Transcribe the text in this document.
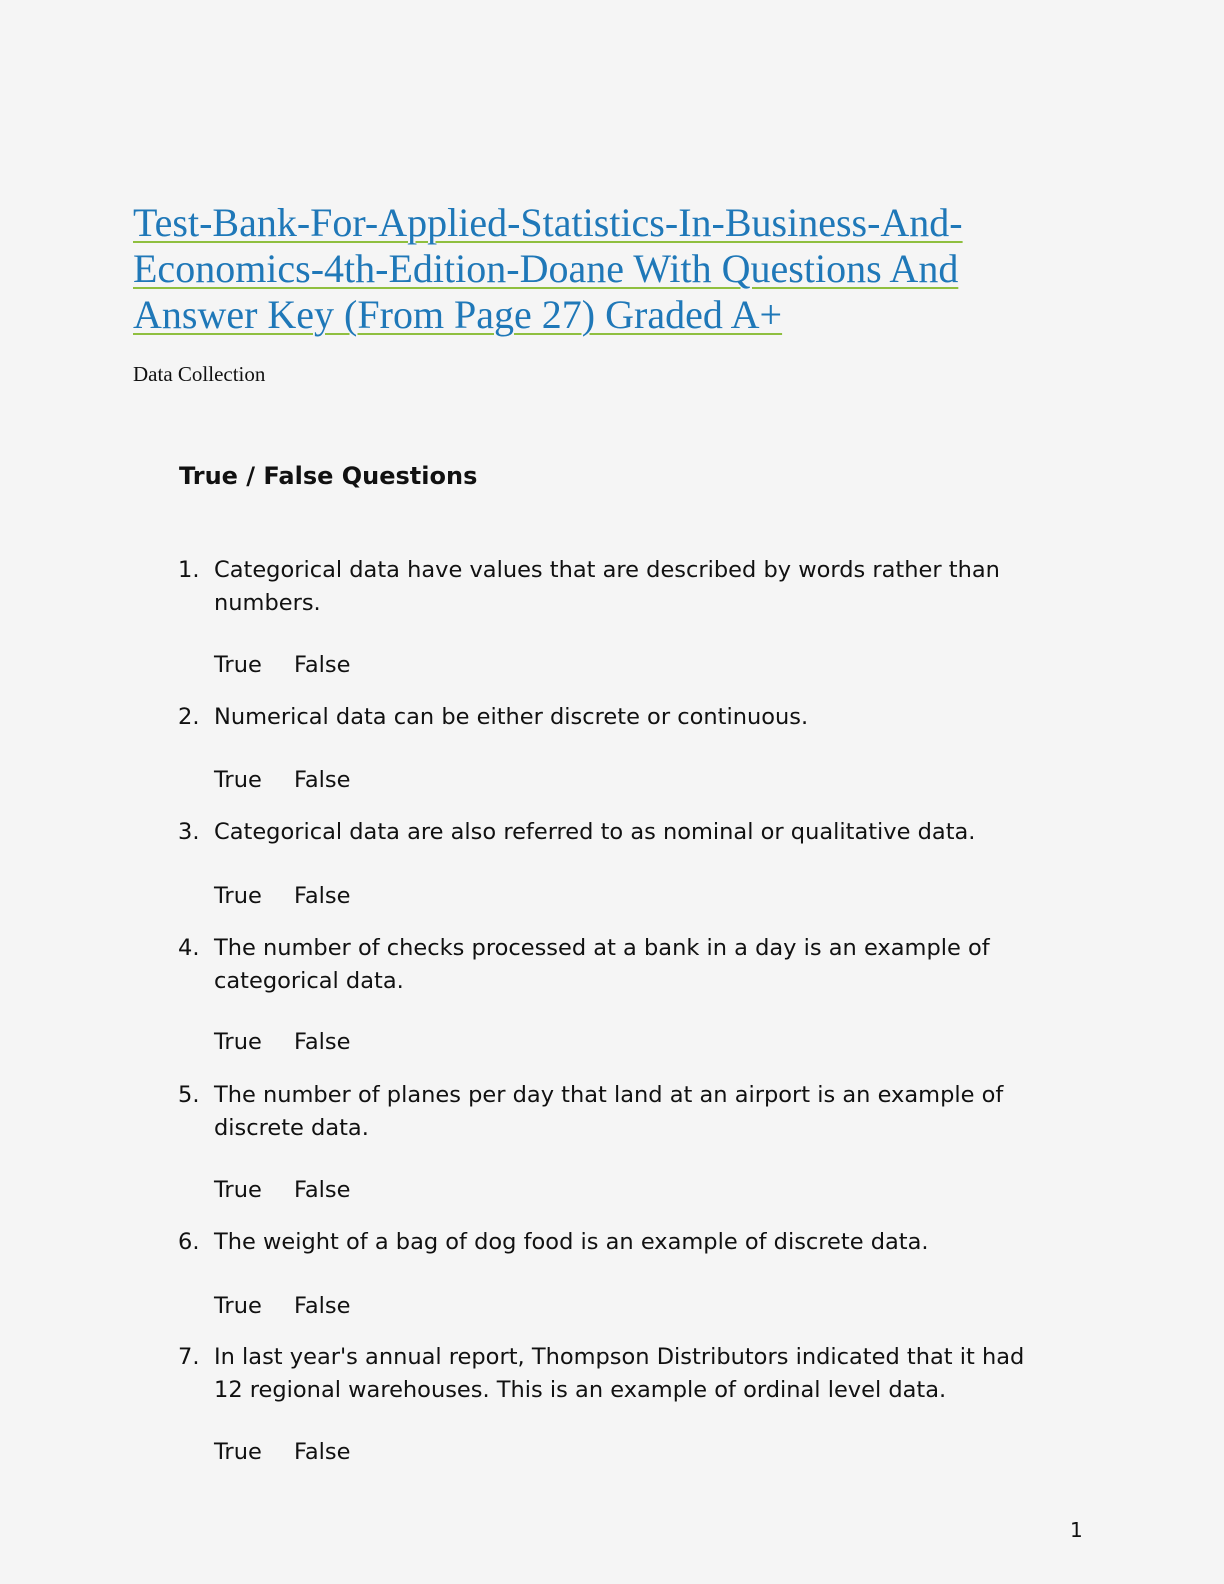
Test-Bank-For-Applied-Statistics-In-Business-And-
Economics-4th-Edition-Doane With Questions And
Answer Key (From Page 27) Graded A+

Data Collection

True / False Questions
1. Categorical data have values that are described by words rather than numbers.
True False
2. Numerical data can be either discrete or continuous.
True False
3. Categorical data are also referred to as nominal or qualitative data.
True False
4. The number of checks processed at a bank in a day is an example of categorical data.
True False
5. The number of planes per day that land at an airport is an example of discrete data.
True False
6. The weight of a bag of dog food is an example of discrete data.
True False
7. In last year's annual report, Thompson Distributors indicated that it had 12 regional warehouses. This is an example of ordinal level data.
True False
1
